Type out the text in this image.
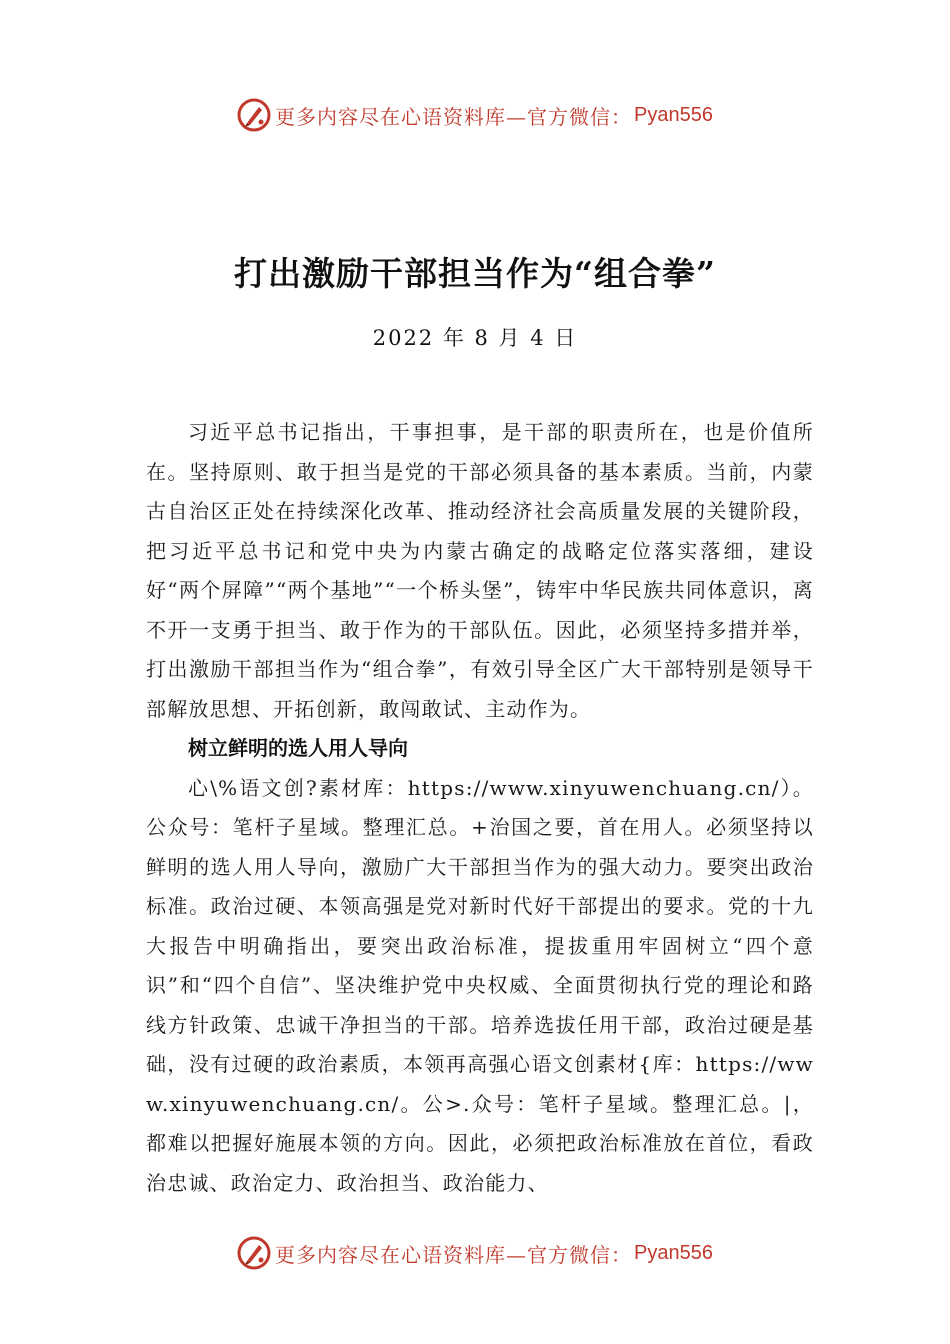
更多内容尽在心语资料库—官方微信： Pyan556
打出激励干部担当作为“组合拳”
2022 年 8 月 4 日

习近平总书记指出，干事担事，是干部的职责所在，也是价值所在。坚持原则、敢于担当是党的干部必须具备的基本素质。当前，内蒙古自治区正处在持续深化改革、推动经济社会高质量发展的关键阶段，把习近平总书记和党中央为内蒙古确定的战略定位落实落细，建设好“两个屏障”“两个基地”“一个桥头堡”，铸牢中华民族共同体意识，离不开一支勇于担当、敢于作为的干部队伍。因此，必须坚持多措并举，打出激励干部担当作为“组合拳”，有效引导全区广大干部特别是领导干部解放思想、开拓创新，敢闯敢试、主动作为。

树立鲜明的选人用人导向

心\%语文创?素材库：https://www.xinyuwenchuang.cn/）。公众号：笔杆子星域。整理汇总。+治国之要，首在用人。必须坚持以鲜明的选人用人导向，激励广大干部担当作为的强大动力。要突出政治标准。政治过硬、本领高强是党对新时代好干部提出的要求。党的十九大报告中明确指出，要突出政治标准，提拔重用牢固树立“四个意识”和“四个自信”、坚决维护党中央权威、全面贯彻执行党的理论和路线方针政策、忠诚干净担当的干部。培养选拔任用干部，政治过硬是基础，没有过硬的政治素质，本领再高强心语文创素材{库：https://www.xinyuwenchuang.cn/。公>.众号：笔杆子星域。整理汇总。|，都难以把握好施展本领的方向。因此，必须把政治标准放在首位，看政治忠诚、政治定力、政治担当、政治能力、

更多内容尽在心语资料库—官方微信： Pyan556
